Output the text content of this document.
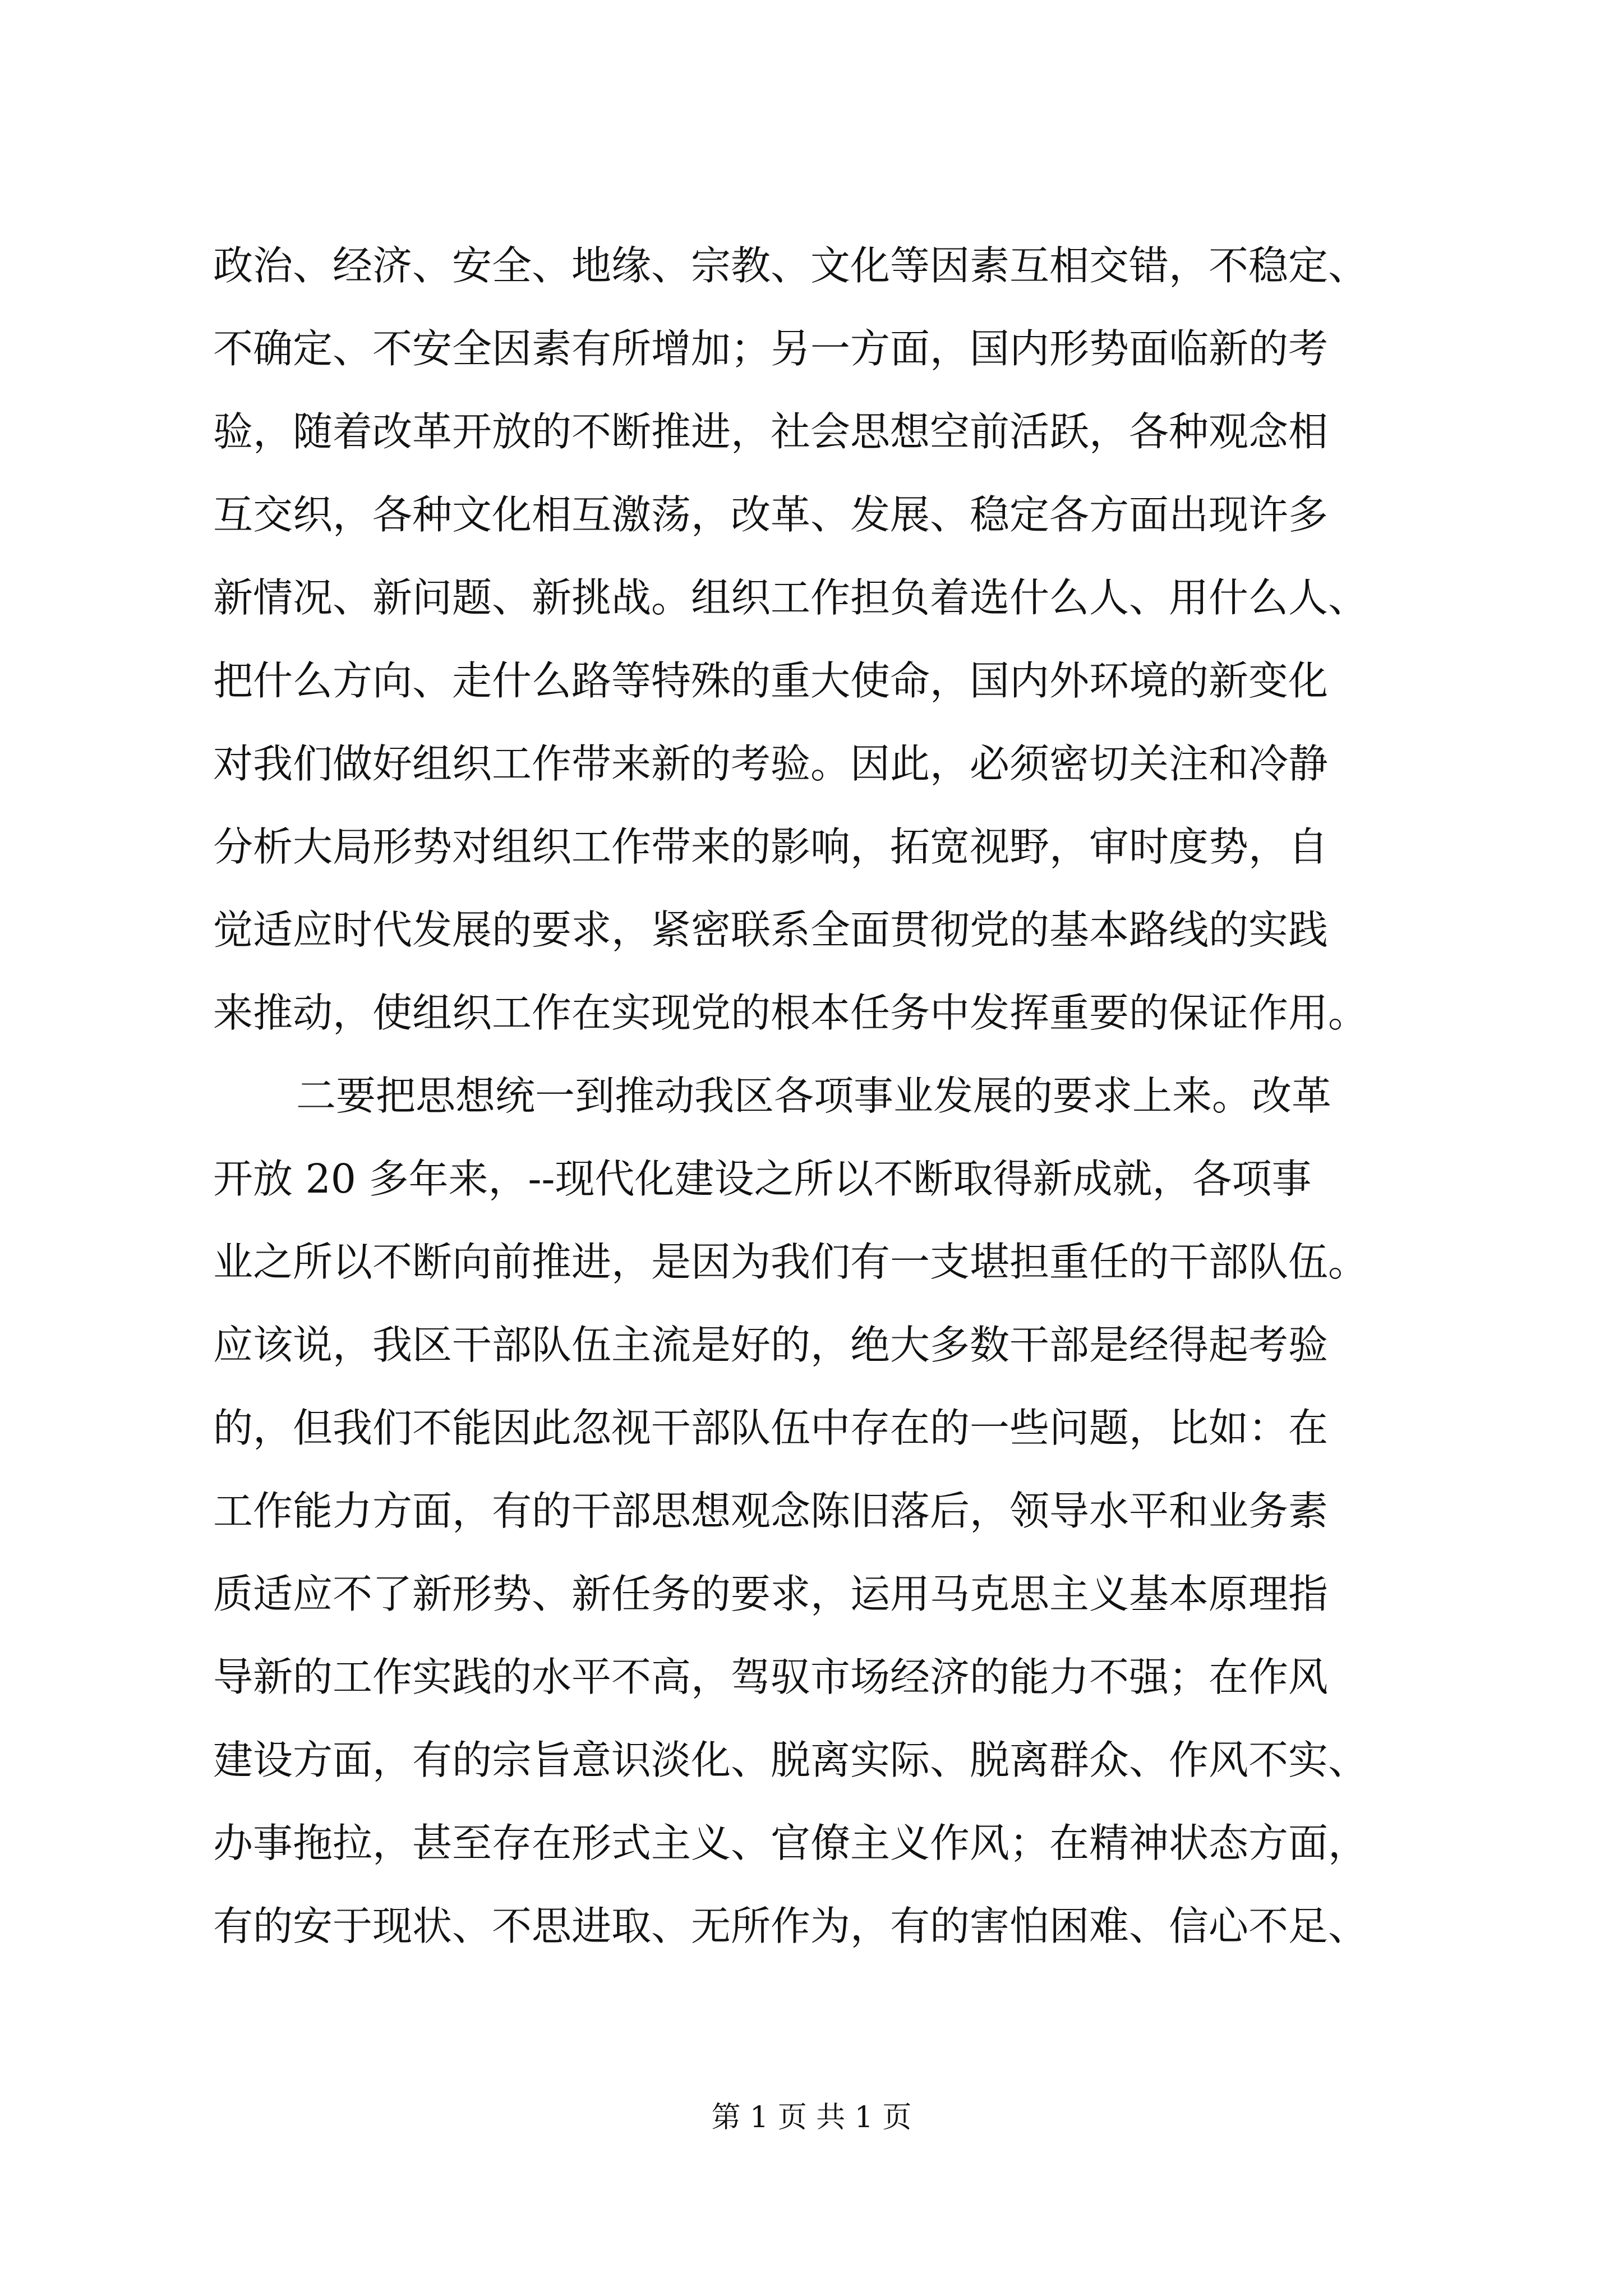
政治、经济、安全、地缘、宗教、文化等因素互相交错，不稳定、
不确定、不安全因素有所增加；另一方面，国内形势面临新的考
验，随着改革开放的不断推进，社会思想空前活跃，各种观念相
互交织，各种文化相互激荡，改革、发展、稳定各方面出现许多
新情况、新问题、新挑战。组织工作担负着选什么人、用什么人、
把什么方向、走什么路等特殊的重大使命，国内外环境的新变化
对我们做好组织工作带来新的考验。因此，必须密切关注和冷静
分析大局形势对组织工作带来的影响，拓宽视野，审时度势，自
觉适应时代发展的要求，紧密联系全面贯彻党的基本路线的实践
来推动，使组织工作在实现党的根本任务中发挥重要的保证作用。
二要把思想统一到推动我区各项事业发展的要求上来。改革
开放 20 多年来，--现代化建设之所以不断取得新成就，各项事
业之所以不断向前推进，是因为我们有一支堪担重任的干部队伍。
应该说，我区干部队伍主流是好的，绝大多数干部是经得起考验
的，但我们不能因此忽视干部队伍中存在的一些问题，比如：在
工作能力方面，有的干部思想观念陈旧落后，领导水平和业务素
质适应不了新形势、新任务的要求，运用马克思主义基本原理指
导新的工作实践的水平不高，驾驭市场经济的能力不强；在作风
建设方面，有的宗旨意识淡化、脱离实际、脱离群众、作风不实、
办事拖拉，甚至存在形式主义、官僚主义作风；在精神状态方面，
有的安于现状、不思进取、无所作为，有的害怕困难、信心不足、
第 1 页 共 1 页
